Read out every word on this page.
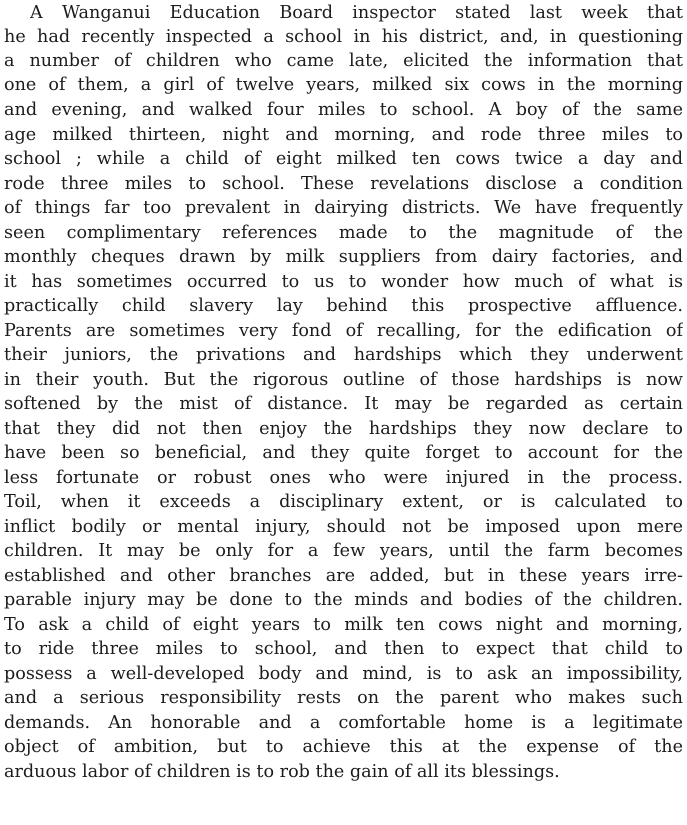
A Wanganui Education Board inspector stated last week that
he had recently inspected a school in his district, and, in questioning
a number of children who came late, elicited the information that
one of them, a girl of twelve years, milked six cows in the morning
and evening, and walked four miles to school. A boy of the same
age milked thirteen, night and morning, and rode three miles to
school ; while a child of eight milked ten cows twice a day and
rode three miles to school. These revelations disclose a condition
of things far too prevalent in dairying districts. We have frequently
seen complimentary references made to the magnitude of the
monthly cheques drawn by milk suppliers from dairy factories, and
it has sometimes occurred to us to wonder how much of what is
practically child slavery lay behind this prospective affluence.
Parents are sometimes very fond of recalling, for the edification of
their juniors, the privations and hardships which they underwent
in their youth. But the rigorous outline of those hardships is now
softened by the mist of distance. It may be regarded as certain
that they did not then enjoy the hardships they now declare to
have been so beneficial, and they quite forget to account for the
less fortunate or robust ones who were injured in the process.
Toil, when it exceeds a disciplinary extent, or is calculated to
inflict bodily or mental injury, should not be imposed upon mere
children. It may be only for a few years, until the farm becomes
established and other branches are added, but in these years irre-
parable injury may be done to the minds and bodies of the children.
To ask a child of eight years to milk ten cows night and morning,
to ride three miles to school, and then to expect that child to
possess a well-developed body and mind, is to ask an impossibility,
and a serious responsibility rests on the parent who makes such
demands. An honorable and a comfortable home is a legitimate
object of ambition, but to achieve this at the expense of the
arduous labor of children is to rob the gain of all its blessings.
